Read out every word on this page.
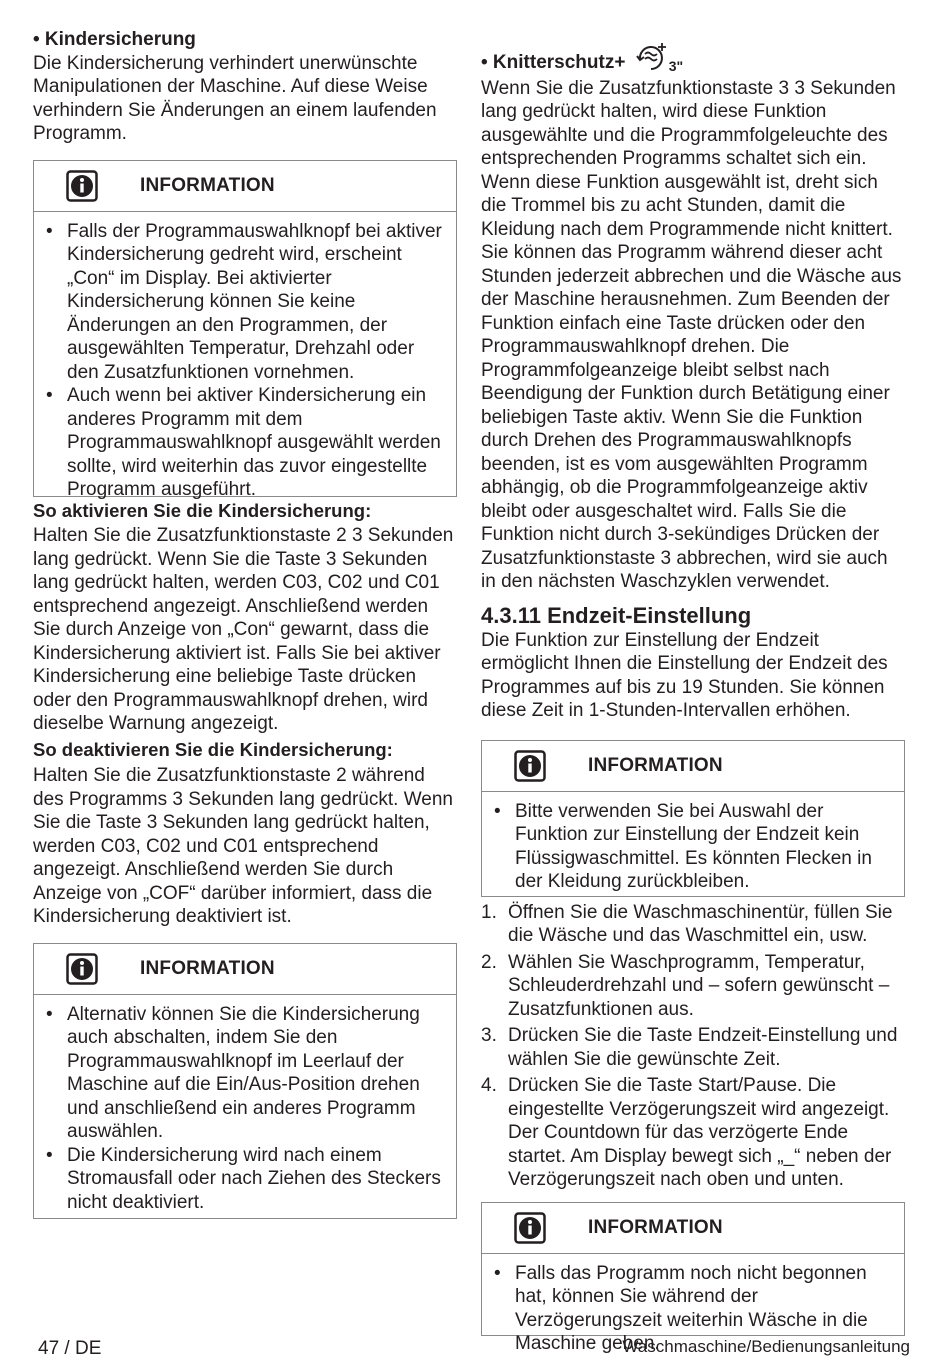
• Kindersicherung

Die Kindersicherung verhindert unerwünschte Manipulationen der Maschine. Auf diese Weise verhindern Sie Änderungen an einem laufenden Programm.

INFORMATION
• Falls der Programmauswahlknopf bei aktiver Kindersicherung gedreht wird, erscheint „Con“ im Display. Bei aktivierter Kindersicherung können Sie keine Änderungen an den Programmen, der ausgewählten Temperatur, Drehzahl oder den Zusatzfunktionen vornehmen.
• Auch wenn bei aktiver Kindersicherung ein anderes Programm mit dem Programmauswahlknopf ausgewählt werden sollte, wird weiterhin das zuvor eingestellte Programm ausgeführt.

So aktivieren Sie die Kindersicherung:

Halten Sie die Zusatzfunktionstaste 2 3 Sekunden lang gedrückt. Wenn Sie die Taste 3 Sekunden lang gedrückt halten, werden C03, C02 und C01 entsprechend angezeigt. Anschließend werden Sie durch Anzeige von „Con“ gewarnt, dass die Kindersicherung aktiviert ist. Falls Sie bei aktiver Kindersicherung eine beliebige Taste drücken oder den Programmauswahlknopf drehen, wird dieselbe Warnung angezeigt.

So deaktivieren Sie die Kindersicherung:

Halten Sie die Zusatzfunktionstaste 2 während des Programms 3 Sekunden lang gedrückt. Wenn Sie die Taste 3 Sekunden lang gedrückt halten, werden C03, C02 und C01 entsprechend angezeigt. Anschließend werden Sie durch Anzeige von „COF“ darüber informiert, dass die Kindersicherung deaktiviert ist.

INFORMATION
• Alternativ können Sie die Kindersicherung auch abschalten, indem Sie den Programmauswahlknopf im Leerlauf der Maschine auf die Ein/Aus-Position drehen und anschließend ein anderes Programm auswählen.
• Die Kindersicherung wird nach einem Stromausfall oder nach Ziehen des Steckers nicht deaktiviert.

• Knitterschutz+	3"

Wenn Sie die Zusatzfunktionstaste 3 3 Sekunden lang gedrückt halten, wird diese Funktion ausgewählte und die Programmfolgeleuchte des entsprechenden Programms schaltet sich ein. Wenn diese Funktion ausgewählt ist, dreht sich die Trommel bis zu acht Stunden, damit die Kleidung nach dem Programmende nicht knittert. Sie können das Programm während dieser acht Stunden jederzeit abbrechen und die Wäsche aus der Maschine herausnehmen. Zum Beenden der Funktion einfach eine Taste drücken oder den Programmauswahlknopf drehen. Die Programmfolgeanzeige bleibt selbst nach Beendigung der Funktion durch Betätigung einer beliebigen Taste aktiv. Wenn Sie die Funktion durch Drehen des Programmauswahlknopfs beenden, ist es vom ausgewählten Programm abhängig, ob die Programmfolgeanzeige aktiv bleibt oder ausgeschaltet wird. Falls Sie die Funktion nicht durch 3-sekündiges Drücken der Zusatzfunktionstaste 3 abbrechen, wird sie auch in den nächsten Waschzyklen verwendet.

4.3.11 Endzeit-Einstellung

Die Funktion zur Einstellung der Endzeit ermöglicht Ihnen die Einstellung der Endzeit des Programmes auf bis zu 19 Stunden. Sie können diese Zeit in 1-Stunden-Intervallen erhöhen.

INFORMATION
• Bitte verwenden Sie bei Auswahl der Funktion zur Einstellung der Endzeit kein Flüssigwaschmittel. Es könnten Flecken in der Kleidung zurückbleiben.
1. Öffnen Sie die Waschmaschinentür, füllen Sie die Wäsche und das Waschmittel ein, usw.
2. Wählen Sie Waschprogramm, Temperatur, Schleuderdrehzahl und – sofern gewünscht – Zusatzfunktionen aus.
3. Drücken Sie die Taste Endzeit-Einstellung und wählen Sie die gewünschte Zeit.
4. Drücken Sie die Taste Start/Pause. Die eingestellte Verzögerungszeit wird angezeigt. Der Countdown für das verzögerte Ende startet. Am Display bewegt sich „_“ neben der Verzögerungszeit nach oben und unten.
INFORMATION
• Falls das Programm noch nicht begonnen hat, können Sie während der Verzögerungszeit weiterhin Wäsche in die Maschine geben.
47 / DE	Waschmaschine/Bedienungsanleitung
